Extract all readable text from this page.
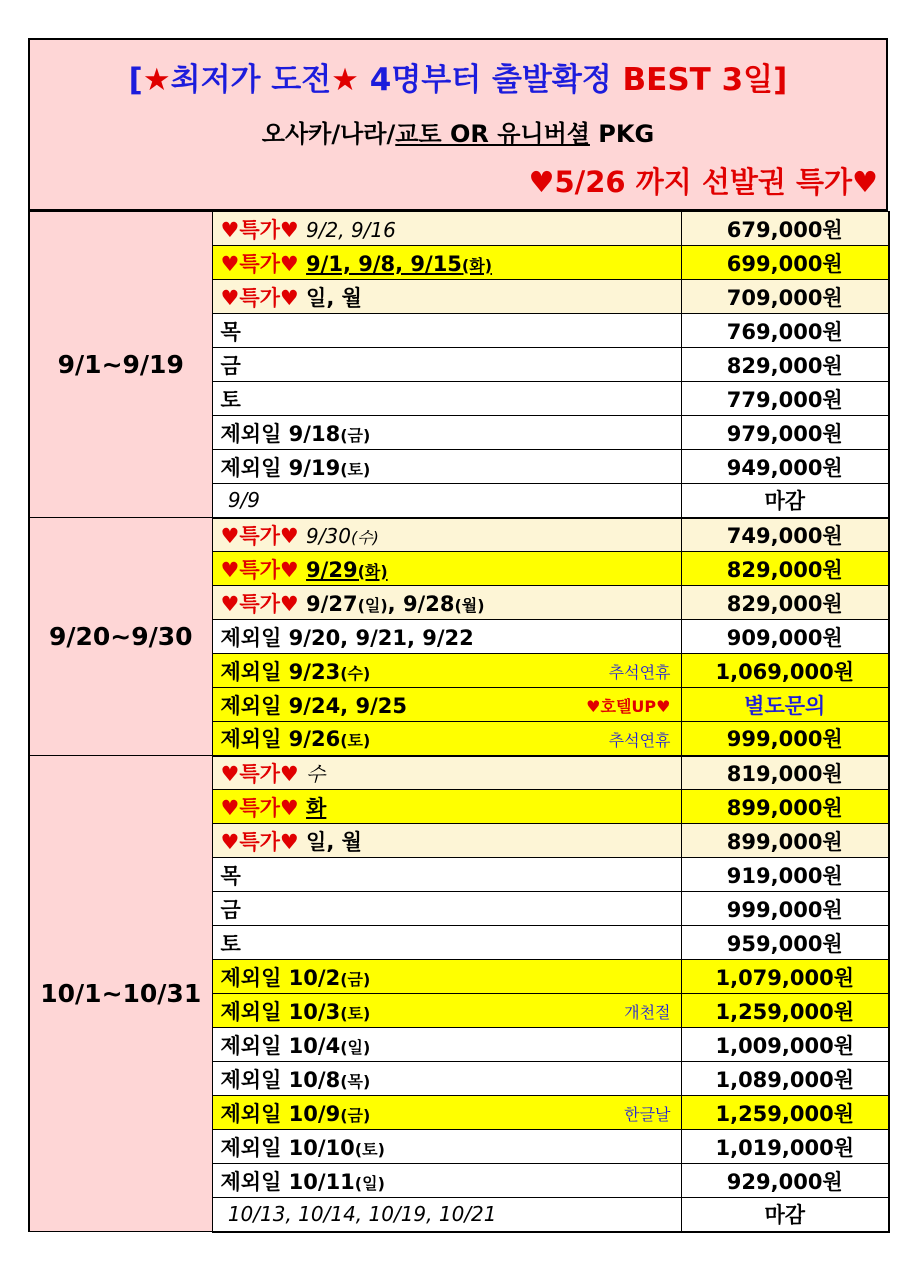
[★최저가 도전★ 4명부터 출발확정 BEST 3일]
오사카/나라/교토 OR 유니버셜 PKG
♥5/26 까지 선발권 특가♥
9/1~9/19	♥특가♥ 9/2, 9/16	679,000원
	♥특가♥ 9/1, 9/8, 9/15(화)	699,000원
	♥특가♥ 일, 월	709,000원
	목	769,000원
	금	829,000원
	토	779,000원
	제외일 9/18(금)	979,000원
	제외일 9/19(토)	949,000원
	9/9	마감
9/20~9/30	♥특가♥ 9/30(수)	749,000원
	♥특가♥ 9/29(화)	829,000원
	♥특가♥ 9/27(일), 9/28(월)	829,000원
	제외일 9/20, 9/21, 9/22	909,000원
	제외일 9/23(수) 추석연휴	1,069,000원
	제외일 9/24, 9/25 ♥호텔UP♥	별도문의
	제외일 9/26(토) 추석연휴	999,000원
10/1~10/31	♥특가♥ 수	819,000원
	♥특가♥ 화	899,000원
	♥특가♥ 일, 월	899,000원
	목	919,000원
	금	999,000원
	토	959,000원
	제외일 10/2(금)	1,079,000원
	제외일 10/3(토) 개천절	1,259,000원
	제외일 10/4(일)	1,009,000원
	제외일 10/8(목)	1,089,000원
	제외일 10/9(금) 한글날	1,259,000원
	제외일 10/10(토)	1,019,000원
	제외일 10/11(일)	929,000원
	10/13, 10/14, 10/19, 10/21	마감
